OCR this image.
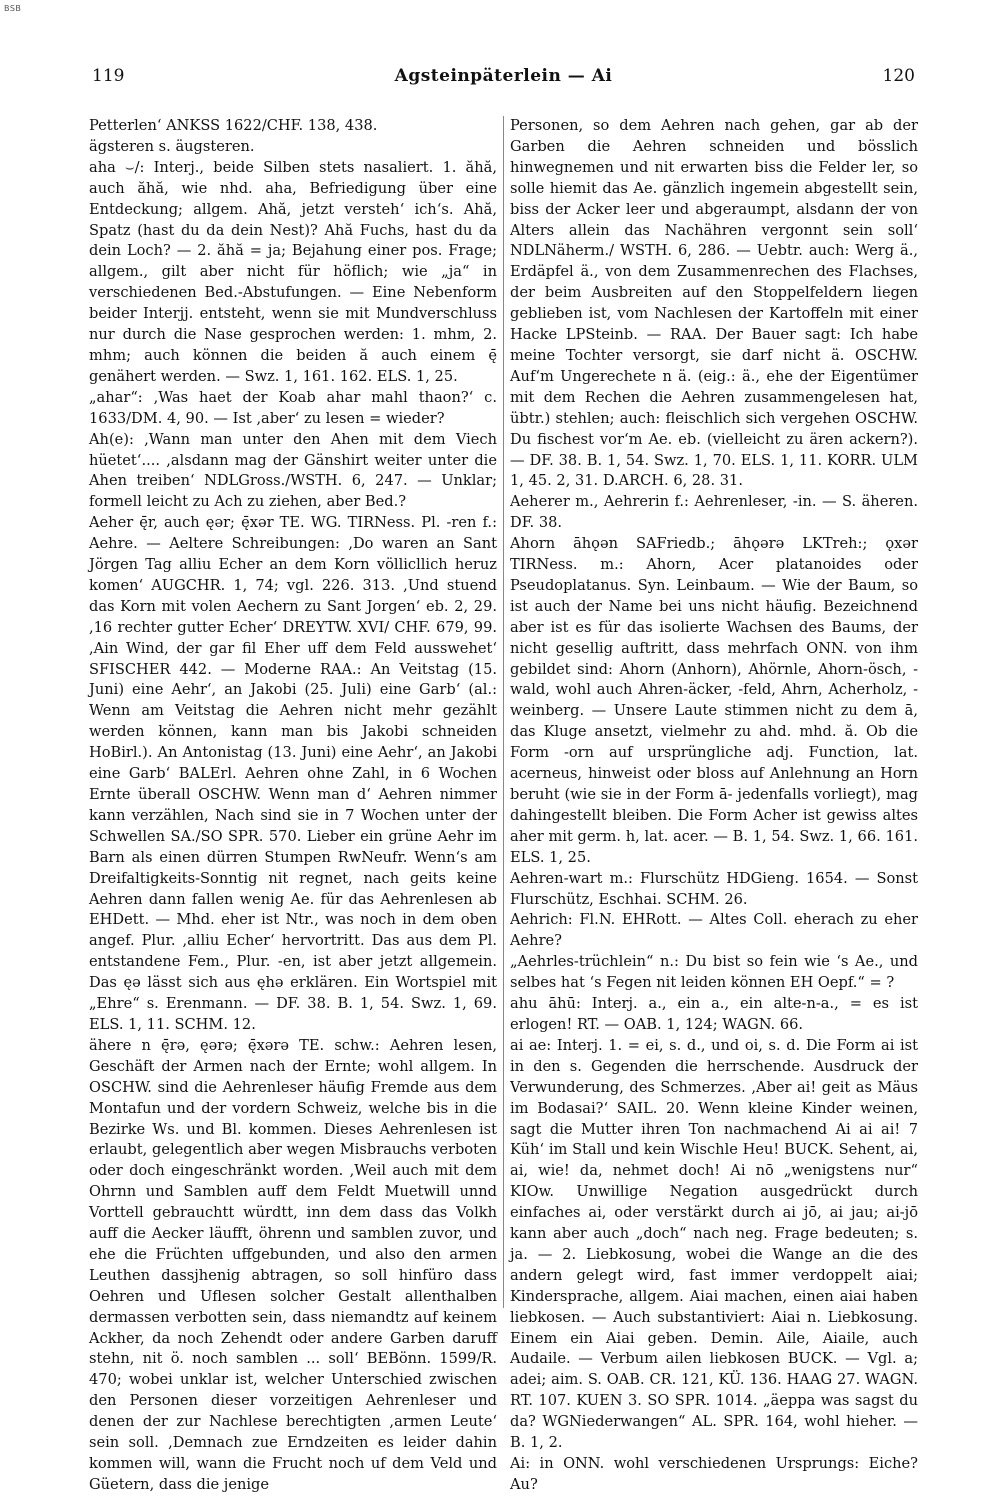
BSB
119	Agsteinpäterlein — Ai	120

Petterlen‘ ANKSS 1622/CHF. 138, 438.

ägsteren s. äugsteren.

aha ⌣/: Interj., beide Silben stets nasaliert. 1. ăhă, auch ăhă, wie nhd. aha, Befriedigung über eine Entdeckung; allgem. Ahă, jetzt versteh‘ ich‘s. Ahă, Spatz (hast du da dein Nest)? Ahă Fuchs, hast du da dein Loch? — 2. ăhă = ja; Bejahung einer pos. Frage; allgem., gilt aber nicht für höflich; wie „ja“ in verschiedenen Bed.-Abstufungen. — Eine Nebenform beider Interjj. entsteht, wenn sie mit Mundverschluss nur durch die Nase gesprochen werden: 1. mhm, 2. mhm; auch können die beiden ă auch einem ę̄ genähert werden. — Swz. 1, 161. 162. ELS. 1, 25.

„ahar“: ,Was haet der Koab ahar mahl thaon?‘ c. 1633/DM. 4, 90. — Ist ‚aber‘ zu lesen = wieder?

Ah(e): ,Wann man unter den Ahen mit dem Viech hüetet‘.... ,alsdann mag der Gänshirt weiter unter die Ahen treiben‘ NDLGross./WSTH. 6, 247. — Unklar; formell leicht zu Ach zu ziehen, aber Bed.?

Aeher ę̄r, auch ęər; ę̄xər TE. WG. TIRNess. Pl. -ren f.: Aehre. — Aeltere Schreibungen: ,Do waren an Sant Jörgen Tag alliu Echer an dem Korn völlicllich heruz komen‘ AUGCHR. 1, 74; vgl. 226. 313. ,Und stuend das Korn mit volen Aechern zu Sant Jorgen‘ eb. 2, 29. ,16 rechter gutter Echer‘ DREYTW. XVI/ CHF. 679, 99. ,Ain Wind, der gar fil Eher uff dem Feld ausswehet‘ SFISCHER 442. — Moderne RAA.: An Veitstag (15. Juni) eine Aehr‘, an Jakobi (25. Juli) eine Garb‘ (al.: Wenn am Veitstag die Aehren nicht mehr gezählt werden können, kann man bis Jakobi schneiden HoBirl.). An Antonistag (13. Juni) eine Aehr‘, an Jakobi eine Garb‘ BALErl. Aehren ohne Zahl, in 6 Wochen Ernte überall OSCHW. Wenn man d‘ Aehren nimmer kann verzählen, Nach sind sie in 7 Wochen unter der Schwellen SA./SO SPR. 570. Lieber ein grüne Aehr im Barn als einen dürren Stumpen RwNeufr. Wenn‘s am Dreifaltigkeits-Sonntig nit regnet, nach geits keine Aehren dann fallen wenig Ae. für das Aehrenlesen ab EHDett. — Mhd. eher ist Ntr., was noch in dem oben angef. Plur. ,alliu Echer‘ hervortritt. Das aus dem Pl. entstandene Fem., Plur. -en, ist aber jetzt allgemein. Das ęə lässt sich aus ęhə erklären. Ein Wortspiel mit „Ehre“ s. Erenmann. — DF. 38. B. 1, 54. Swz. 1, 69. ELS. 1, 11. SCHM. 12.

ähere n ę̄rə, ęərə; ę̄xərə TE. schw.: Aehren lesen, Geschäft der Armen nach der Ernte; wohl allgem. In OSCHW. sind die Aehrenleser häufig Fremde aus dem Montafun und der vordern Schweiz, welche bis in die Bezirke Ws. und Bl. kommen. Dieses Aehrenlesen ist erlaubt, gelegentlich aber wegen Misbrauchs verboten oder doch eingeschränkt worden. ,Weil auch mit dem Ohrnn und Samblen auff dem Feldt Muetwill unnd Vorttell gebrauchtt würdtt, inn dem dass das Volkh auff die Aecker läufft, öhrenn und samblen zuvor, und ehe die Früchten uffgebunden, und also den armen Leuthen dassjhenig abtragen, so soll hinfüro dass Oehren und Uflesen solcher Gestalt allenthalben dermassen verbotten sein, dass niemandtz auf keinem Ackher, da noch Zehendt oder andere Garben daruff stehn, nit ö. noch samblen ... soll‘ BEBönn. 1599/R. 470; wobei unklar ist, welcher Unterschied zwischen den Personen dieser vorzeitigen Aehrenleser und denen der zur Nachlese berechtigten ,armen Leute‘ sein soll. ,Demnach zue Erndzeiten es leider dahin kommen will, wann die Frucht noch uf dem Veld und Güetern, dass die jenige

Personen, so dem Aehren nach gehen, gar ab der Garben die Aehren schneiden und bösslich hinwegnemen und nit erwarten biss die Felder ler, so solle hiemit das Ae. gänzlich ingemein abgestellt sein, biss der Acker leer und abgeraumpt, alsdann der von Alters allein das Nachähren vergonnt sein soll‘ NDLNäherm./ WSTH. 6, 286. — Uebtr. auch: Werg ä., Erdäpfel ä., von dem Zusammenrechen des Flachses, der beim Ausbreiten auf den Stoppelfeldern liegen geblieben ist, vom Nachlesen der Kartoffeln mit einer Hacke LPSteinb. — RAA. Der Bauer sagt: Ich habe meine Tochter versorgt, sie darf nicht ä. OSCHW. Auf‘m Ungerechete n ä. (eig.: ä., ehe der Eigentümer mit dem Rechen die Aehren zusammengelesen hat, übtr.) stehlen; auch: fleischlich sich vergehen OSCHW. Du fischest vor‘m Ae. eb. (vielleicht zu ären ackern?). — DF. 38. B. 1, 54. Swz. 1, 70. ELS. 1, 11. KORR. ULM 1, 45. 2, 31. D.ARCH. 6, 28. 31.

Aeherer m., Aehrerin f.: Aehrenleser, -in. — S. äheren. DF. 38.

Ahorn āhǫən SAFriedb.; āhǫərə LKTreh:; ǫxər TIRNess. m.: Ahorn, Acer platanoides oder Pseudoplatanus. Syn. Leinbaum. — Wie der Baum, so ist auch der Name bei uns nicht häufig. Bezeichnend aber ist es für das isolierte Wachsen des Baums, der nicht gesellig auftritt, dass mehrfach ONN. von ihm gebildet sind: Ahorn (Anhorn), Ahörnle, Ahorn-ösch, -wald, wohl auch Ahren-äcker, -feld, Ahrn, Acherholz, -weinberg. — Unsere Laute stimmen nicht zu dem ā, das Kluge ansetzt, vielmehr zu ahd. mhd. ă. Ob die Form -orn auf ursprüngliche adj. Function, lat. acerneus, hinweist oder bloss auf Anlehnung an Horn beruht (wie sie in der Form ā- jedenfalls vorliegt), mag dahingestellt bleiben. Die Form Acher ist gewiss altes aher mit germ. h, lat. acer. — B. 1, 54. Swz. 1, 66. 161. ELS. 1, 25.

Aehren-wart m.: Flurschütz HDGieng. 1654. — Sonst Flurschütz, Eschhai. SCHM. 26.

Aehrich: Fl.N. EHRott. — Altes Coll. eherach zu eher Aehre?

„Aehrles-trüchlein“ n.: Du bist so fein wie ‘s Ae., und selbes hat ‘s Fegen nit leiden können EH Oepf.“ = ?

ahu āhū: Interj. a., ein a., ein alte-n-a., = es ist erlogen! RT. — OAB. 1, 124; WAGN. 66.

ai ae: Interj. 1. = ei, s. d., und oi, s. d. Die Form ai ist in den s. Gegenden die herrschende. Ausdruck der Verwunderung, des Schmerzes. ,Aber ai! geit as Mäus im Bodasai?‘ SAIL. 20. Wenn kleine Kinder weinen, sagt die Mutter ihren Ton nachmachend Ai ai ai! 7 Küh‘ im Stall und kein Wischle Heu! BUCK. Sehent, ai, ai, wie! da, nehmet doch! Ai nō „wenigstens nur“ KIOw. Unwillige Negation ausgedrückt durch einfaches ai, oder verstärkt durch ai jō, ai jau; ai-jō kann aber auch „doch“ nach neg. Frage bedeuten; s. ja. — 2. Liebkosung, wobei die Wange an die des andern gelegt wird, fast immer verdoppelt aiai; Kindersprache, allgem. Aiai machen, einen aiai haben liebkosen. — Auch substantiviert: Aiai n. Liebkosung. Einem ein Aiai geben. Demin. Aile, Aiaile, auch Audaile. — Verbum ailen liebkosen BUCK. — Vgl. a; adei; aim. S. OAB. CR. 121, KÜ. 136. HAAG 27. WAGN. RT. 107. KUEN 3. SO SPR. 1014. „äeppa was sagst du da? WGNiederwangen“ AL. SPR. 164, wohl hieher. — B. 1, 2.

Ai: in ONN. wohl verschiedenen Ursprungs: Eiche? Au?
